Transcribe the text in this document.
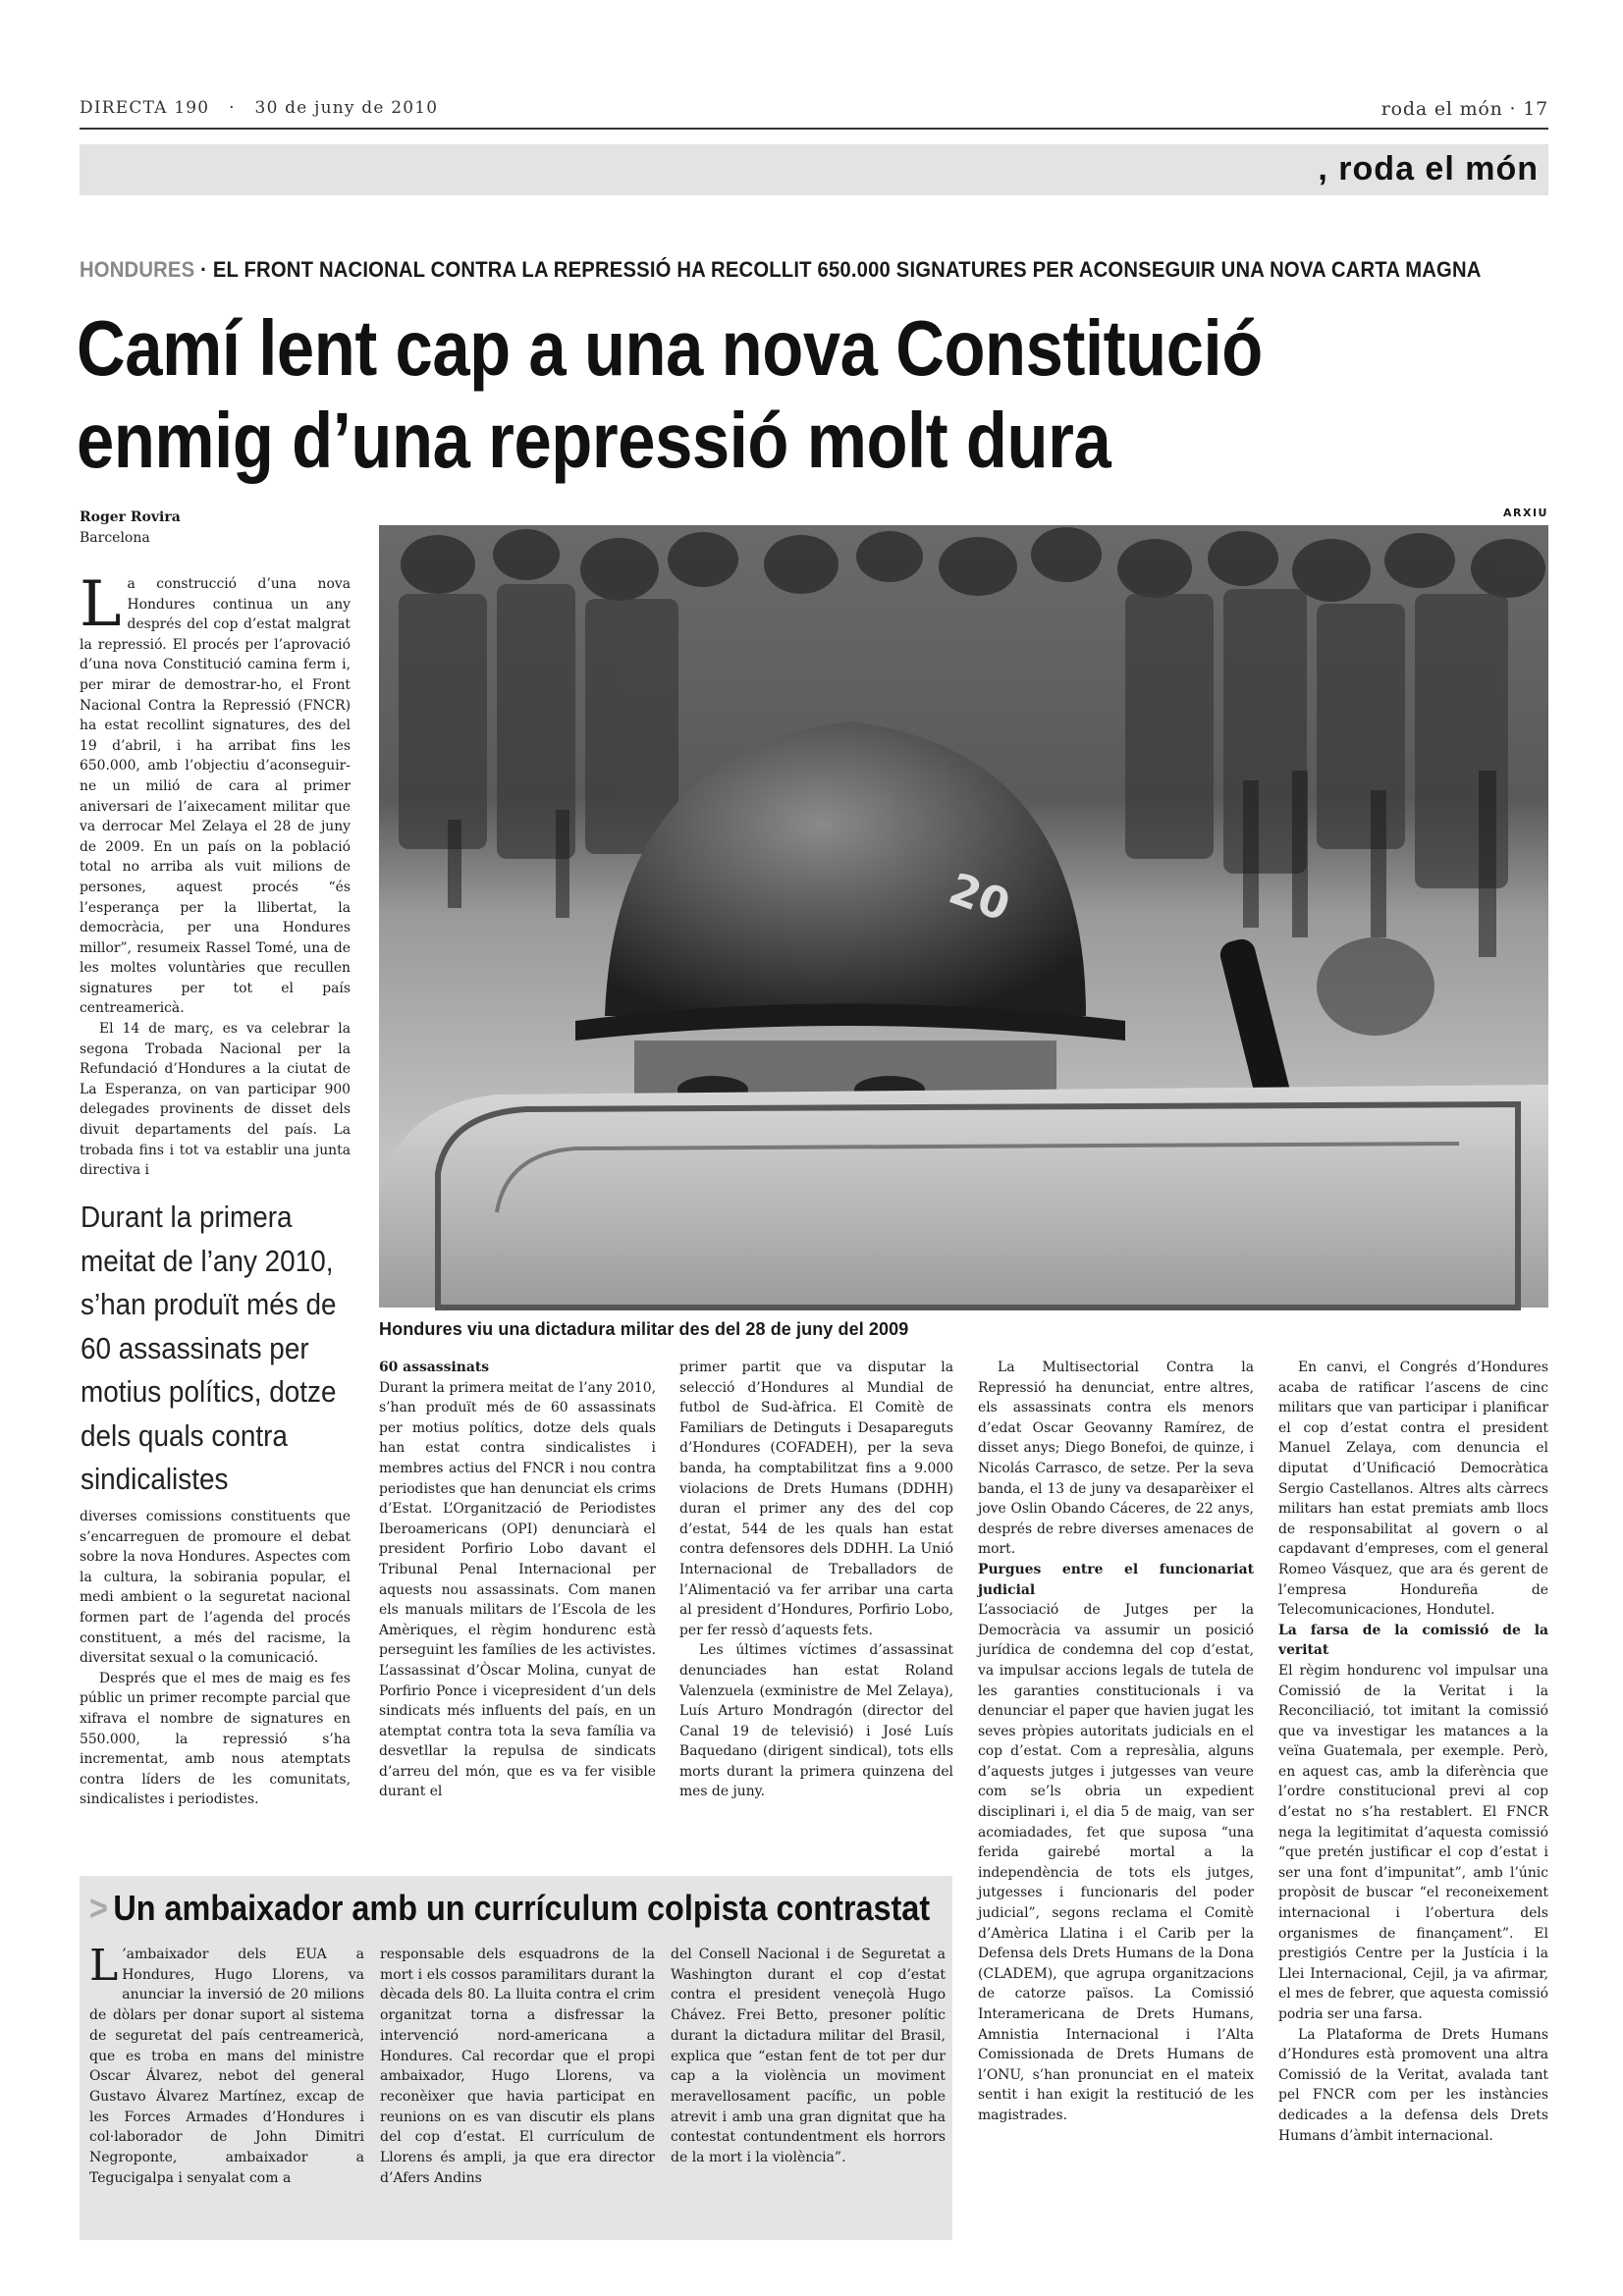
DIRECTA 190 · 30 de juny de 2010	roda el món · 17
, roda el món
HONDURES · EL FRONT NACIONAL CONTRA LA REPRESSIÓ HA RECOLLIT 650.000 SIGNATURES PER ACONSEGUIR UNA NOVA CARTA MAGNA
Camí lent cap a una nova Constitució
enmig d’una repressió molt dura
Roger Rovira
Barcelona
ARXIU

La construcció d’una nova Hondures continua un any després del cop d’estat malgrat la repressió. El procés per l’aprovació d’una nova Constitució camina ferm i, per mirar de demostrar-ho, el Front Nacional Contra la Repressió (FNCR) ha estat recollint signatures, des del 19 d’abril, i ha arribat fins les 650.000, amb l’objectiu d’aconseguir-ne un milió de cara al primer aniversari de l’aixecament militar que va derrocar Mel Zelaya el 28 de juny de 2009. En un país on la població total no arriba als vuit milions de persones, aquest procés “és l’esperança per la llibertat, la democràcia, per una Hondures millor”, resumeix Rassel Tomé, una de les moltes voluntàries que recullen signatures per tot el país centreamericà.

El 14 de març, es va celebrar la segona Trobada Nacional per la Refundació d’Hondures a la ciutat de La Esperanza, on van participar 900 delegades provinents de disset dels divuit departaments del país. La trobada fins i tot va establir una junta directiva i

Durant la primera meitat de l’any 2010, s’han produït més de 60 assassinats per motius polítics, dotze dels quals contra sindicalistes

diverses comissions constituents que s’encarreguen de promoure el debat sobre la nova Hondures. Aspectes com la cultura, la sobirania popular, el medi ambient o la seguretat nacional formen part de l’agenda del procés constituent, a més del racisme, la diversitat sexual o la comunicació.

Després que el mes de maig es fes públic un primer recompte parcial que xifrava el nombre de signatures en 550.000, la repressió s’ha incrementat, amb nous atemptats contra líders de les comunitats, sindicalistes i periodistes.

20
Hondures viu una dictadura militar des del 28 de juny del 2009

60 assassinats

Durant la primera meitat de l’any 2010, s’han produït més de 60 assassinats per motius polítics, dotze dels quals han estat contra sindicalistes i membres actius del FNCR i nou contra periodistes que han denunciat els crims d’Estat. L’Organització de Periodistes Iberoamericans (OPI) denunciarà el president Porfirio Lobo davant el Tribunal Penal Internacional per aquests nou assassinats. Com manen els manuals militars de l’Escola de les Amèriques, el règim hondurenc està perseguint les famílies de les activistes. L’assassinat d’Òscar Molina, cunyat de Porfirio Ponce i vicepresident d’un dels sindicats més influents del país, en un atemptat contra tota la seva família va desvetllar la repulsa de sindicats d’arreu del món, que es va fer visible durant el

primer partit que va disputar la selecció d’Hondures al Mundial de futbol de Sud-àfrica. El Comitè de Familiars de Detinguts i Desapareguts d’Hondures (COFADEH), per la seva banda, ha comptabilitzat fins a 9.000 violacions de Drets Humans (DDHH) duran el primer any des del cop d’estat, 544 de les quals han estat contra defensores dels DDHH. La Unió Internacional de Treballadors de l’Alimentació va fer arribar una carta al president d’Hondures, Porfirio Lobo, per fer ressò d’aquests fets.

Les últimes víctimes d’assassinat denunciades han estat Roland Valenzuela (exministre de Mel Zelaya), Luís Arturo Mondragón (director del Canal 19 de televisió) i José Luís Baquedano (dirigent sindical), tots ells morts durant la primera quinzena del mes de juny.

La Multisectorial Contra la Repressió ha denunciat, entre altres, els assassinats contra els menors d’edat Oscar Geovanny Ramírez, de disset anys; Diego Bonefoi, de quinze, i Nicolás Carrasco, de setze. Per la seva banda, el 13 de juny va desaparèixer el jove Oslin Obando Cáceres, de 22 anys, després de rebre diverses amenaces de mort.

Purgues entre el funcionariat judicial

L’associació de Jutges per la Democràcia va assumir un posició jurídica de condemna del cop d’estat, va impulsar accions legals de tutela de les garanties constitucionals i va denunciar el paper que havien jugat les seves pròpies autoritats judicials en el cop d’estat. Com a represàlia, alguns d’aquests jutges i jutgesses van veure com se’ls obria un expedient disciplinari i, el dia 5 de maig, van ser acomiadades, fet que suposa “una ferida gairebé mortal a la independència de tots els jutges, jutgesses i funcionaris del poder judicial”, segons reclama el Comitè d’Amèrica Llatina i el Carib per la Defensa dels Drets Humans de la Dona (CLADEM), que agrupa organitzacions de catorze països. La Comissió Interamericana de Drets Humans, Amnistia Internacional i l’Alta Comissionada de Drets Humans de l’ONU, s’han pronunciat en el mateix sentit i han exigit la restitució de les magistrades.

En canvi, el Congrés d’Hondures acaba de ratificar l’ascens de cinc militars que van participar i planificar el cop d’estat contra el president Manuel Zelaya, com denuncia el diputat d’Unificació Democràtica Sergio Castellanos. Altres alts càrrecs militars han estat premiats amb llocs de responsabilitat al govern o al capdavant d’empreses, com el general Romeo Vásquez, que ara és gerent de l’empresa Hondureña de Telecomunicaciones, Hondutel.

La farsa de la comissió de la veritat

El règim hondurenc vol impulsar una Comissió de la Veritat i la Reconciliació, tot imitant la comissió que va investigar les matances a la veïna Guatemala, per exemple. Però, en aquest cas, amb la diferència que l’ordre constitucional previ al cop d’estat no s’ha restablert. El FNCR nega la legitimitat d’aquesta comissió “que pretén justificar el cop d’estat i ser una font d’impunitat”, amb l’únic propòsit de buscar “el reconeixement internacional i l’obertura dels organismes de finançament”. El prestigiós Centre per la Justícia i la Llei Internacional, Cejil, ja va afirmar, el mes de febrer, que aquesta comissió podria ser una farsa.

La Plataforma de Drets Humans d’Hondures està promovent una altra Comissió de la Veritat, avalada tant pel FNCR com per les instàncies dedicades a la defensa dels Drets Humans d’àmbit internacional.

> Un ambaixador amb un currículum colpista contrastat
L ’ambaixador dels EUA a Hondures, Hugo Llorens, va anunciar la inversió de 20 milions de dòlars per donar suport al sistema de seguretat del país centreamericà, que es troba en mans del ministre Oscar Álvarez, nebot del general Gustavo Álvarez Martínez, excap de les Forces Armades d’Hondures i col·laborador de John Dimitri Negroponte, ambaixador a Tegucigalpa i senyalat com a
responsable dels esquadrons de la mort i els cossos paramilitars durant la dècada dels 80. La lluita contra el crim organitzat torna a disfressar la intervenció nord-americana a Hondures. Cal recordar que el propi ambaixador, Hugo Llorens, va reconèixer que havia participat en reunions on es van discutir els plans del cop d’estat. El currículum de Llorens és ampli, ja que era director d’Afers Andins
del Consell Nacional i de Seguretat a Washington durant el cop d’estat contra el president veneçolà Hugo Chávez. Frei Betto, presoner polític durant la dictadura militar del Brasil, explica que “estan fent de tot per dur cap a la violència un moviment meravellosament pacífic, un poble atrevit i amb una gran dignitat que ha contestat contundentment els horrors de la mort i la violència”.
